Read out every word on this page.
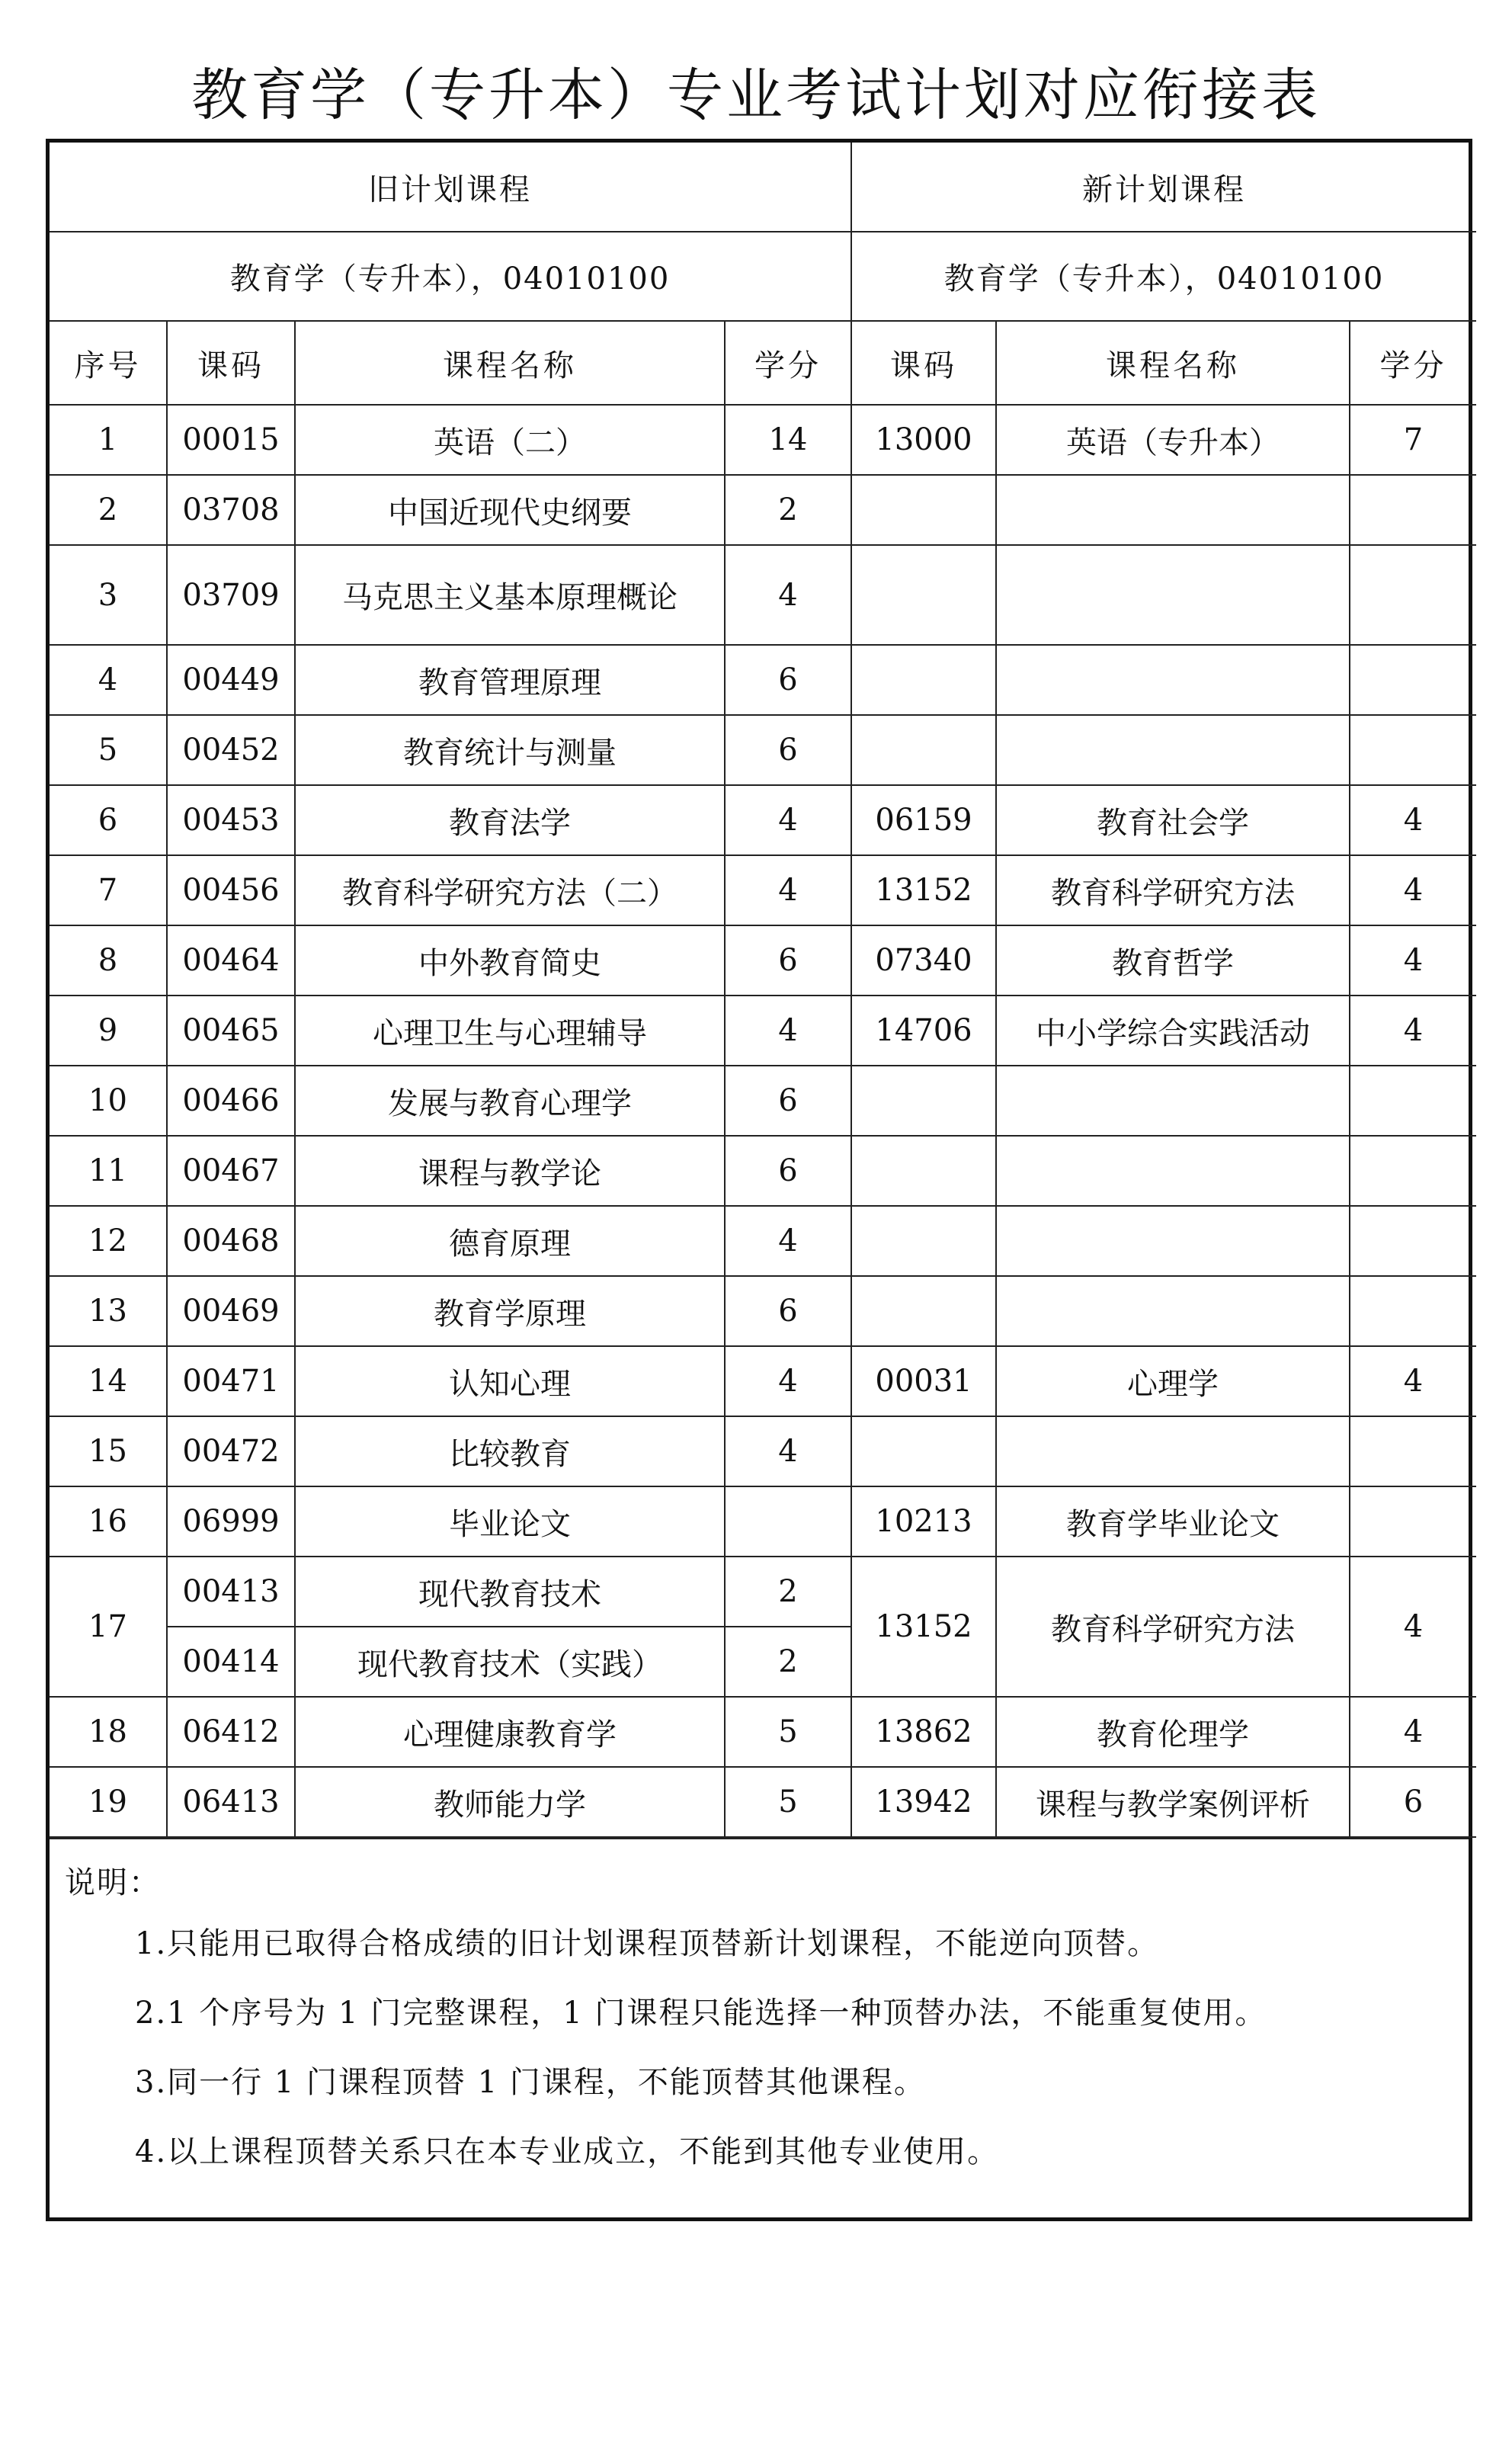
教育学（专升本）专业考试计划对应衔接表
旧计划课程				新计划课程		
教育学（专升本），04010100				教育学（专升本），04010100		
序号	课码	课程名称	学分	课码	课程名称	学分
1	00015	英语（二）	14	13000	英语（专升本）	7
2	03708	中国近现代史纲要	2			
3	03709	马克思主义基本原理概论	4			
4	00449	教育管理原理	6			
5	00452	教育统计与测量	6			
6	00453	教育法学	4	06159	教育社会学	4
7	00456	教育科学研究方法（二）	4	13152	教育科学研究方法	4
8	00464	中外教育简史	6	07340	教育哲学	4
9	00465	心理卫生与心理辅导	4	14706	中小学综合实践活动	4
10	00466	发展与教育心理学	6			
11	00467	课程与教学论	6			
12	00468	德育原理	4			
13	00469	教育学原理	6			
14	00471	认知心理	4	00031	心理学	4
15	00472	比较教育	4			
16	06999	毕业论文		10213	教育学毕业论文	
17	00413	现代教育技术	2	13152	教育科学研究方法	4
	00414	现代教育技术（实践）	2			
18	06412	心理健康教育学	5	13862	教育伦理学	4
19	06413	教师能力学	5	13942	课程与教学案例评析	6
说明：
1.只能用已取得合格成绩的旧计划课程顶替新计划课程，不能逆向顶替。
2.1 个序号为 1 门完整课程，1 门课程只能选择一种顶替办法，不能重复使用。
3.同一行 1 门课程顶替 1 门课程，不能顶替其他课程。
4.以上课程顶替关系只在本专业成立，不能到其他专业使用。
